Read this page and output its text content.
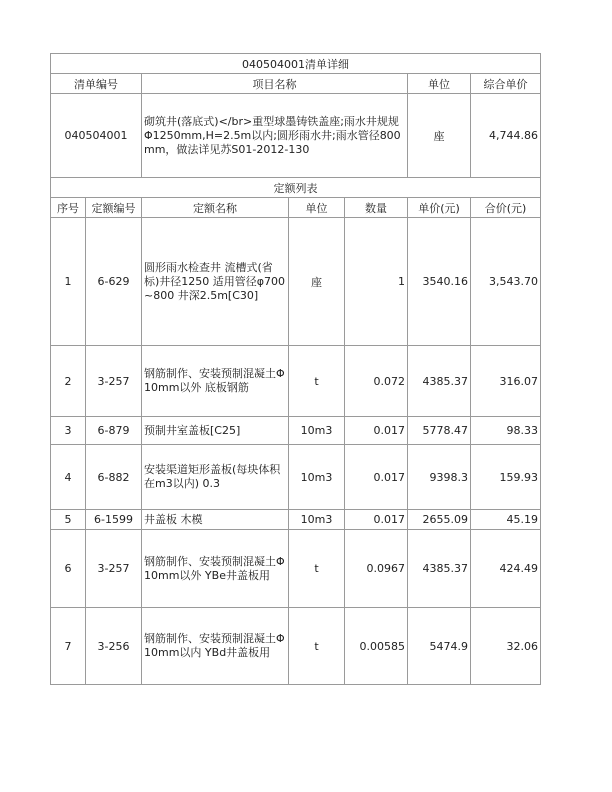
040504001清单详细						
清单编号		项目名称			单位	综合单价
040504001		砌筑井(落底式)</br>重型球墨铸铁盖座;雨水井规规Φ1250mm,H=2.5m以内;圆形雨水井;雨水管径800mm，做法详见苏S01-2012-130			座	4,744.86
定额列表						
序号	定额编号	定额名称	单位	数量	单价(元)	合价(元)
1	6-629	圆形雨水检查井 流槽式(省标)井径1250 适用管径φ700~800 井深2.5m[C30]	座	1	3540.16	3,543.70
2	3-257	钢筋制作、安装预制混凝土Φ10mm以外 底板钢筋	t	0.072	4385.37	316.07
3	6-879	预制井室盖板[C25]	10m3	0.017	5778.47	98.33
4	6-882	安装渠道矩形盖板(每块体积在m3以内) 0.3	10m3	0.017	9398.3	159.93
5	6-1599	井盖板 木模	10m3	0.017	2655.09	45.19
6	3-257	钢筋制作、安装预制混凝土Φ10mm以外 YBe井盖板用	t	0.0967	4385.37	424.49
7	3-256	钢筋制作、安装预制混凝土Φ10mm以内 YBd井盖板用	t	0.00585	5474.9	32.06
